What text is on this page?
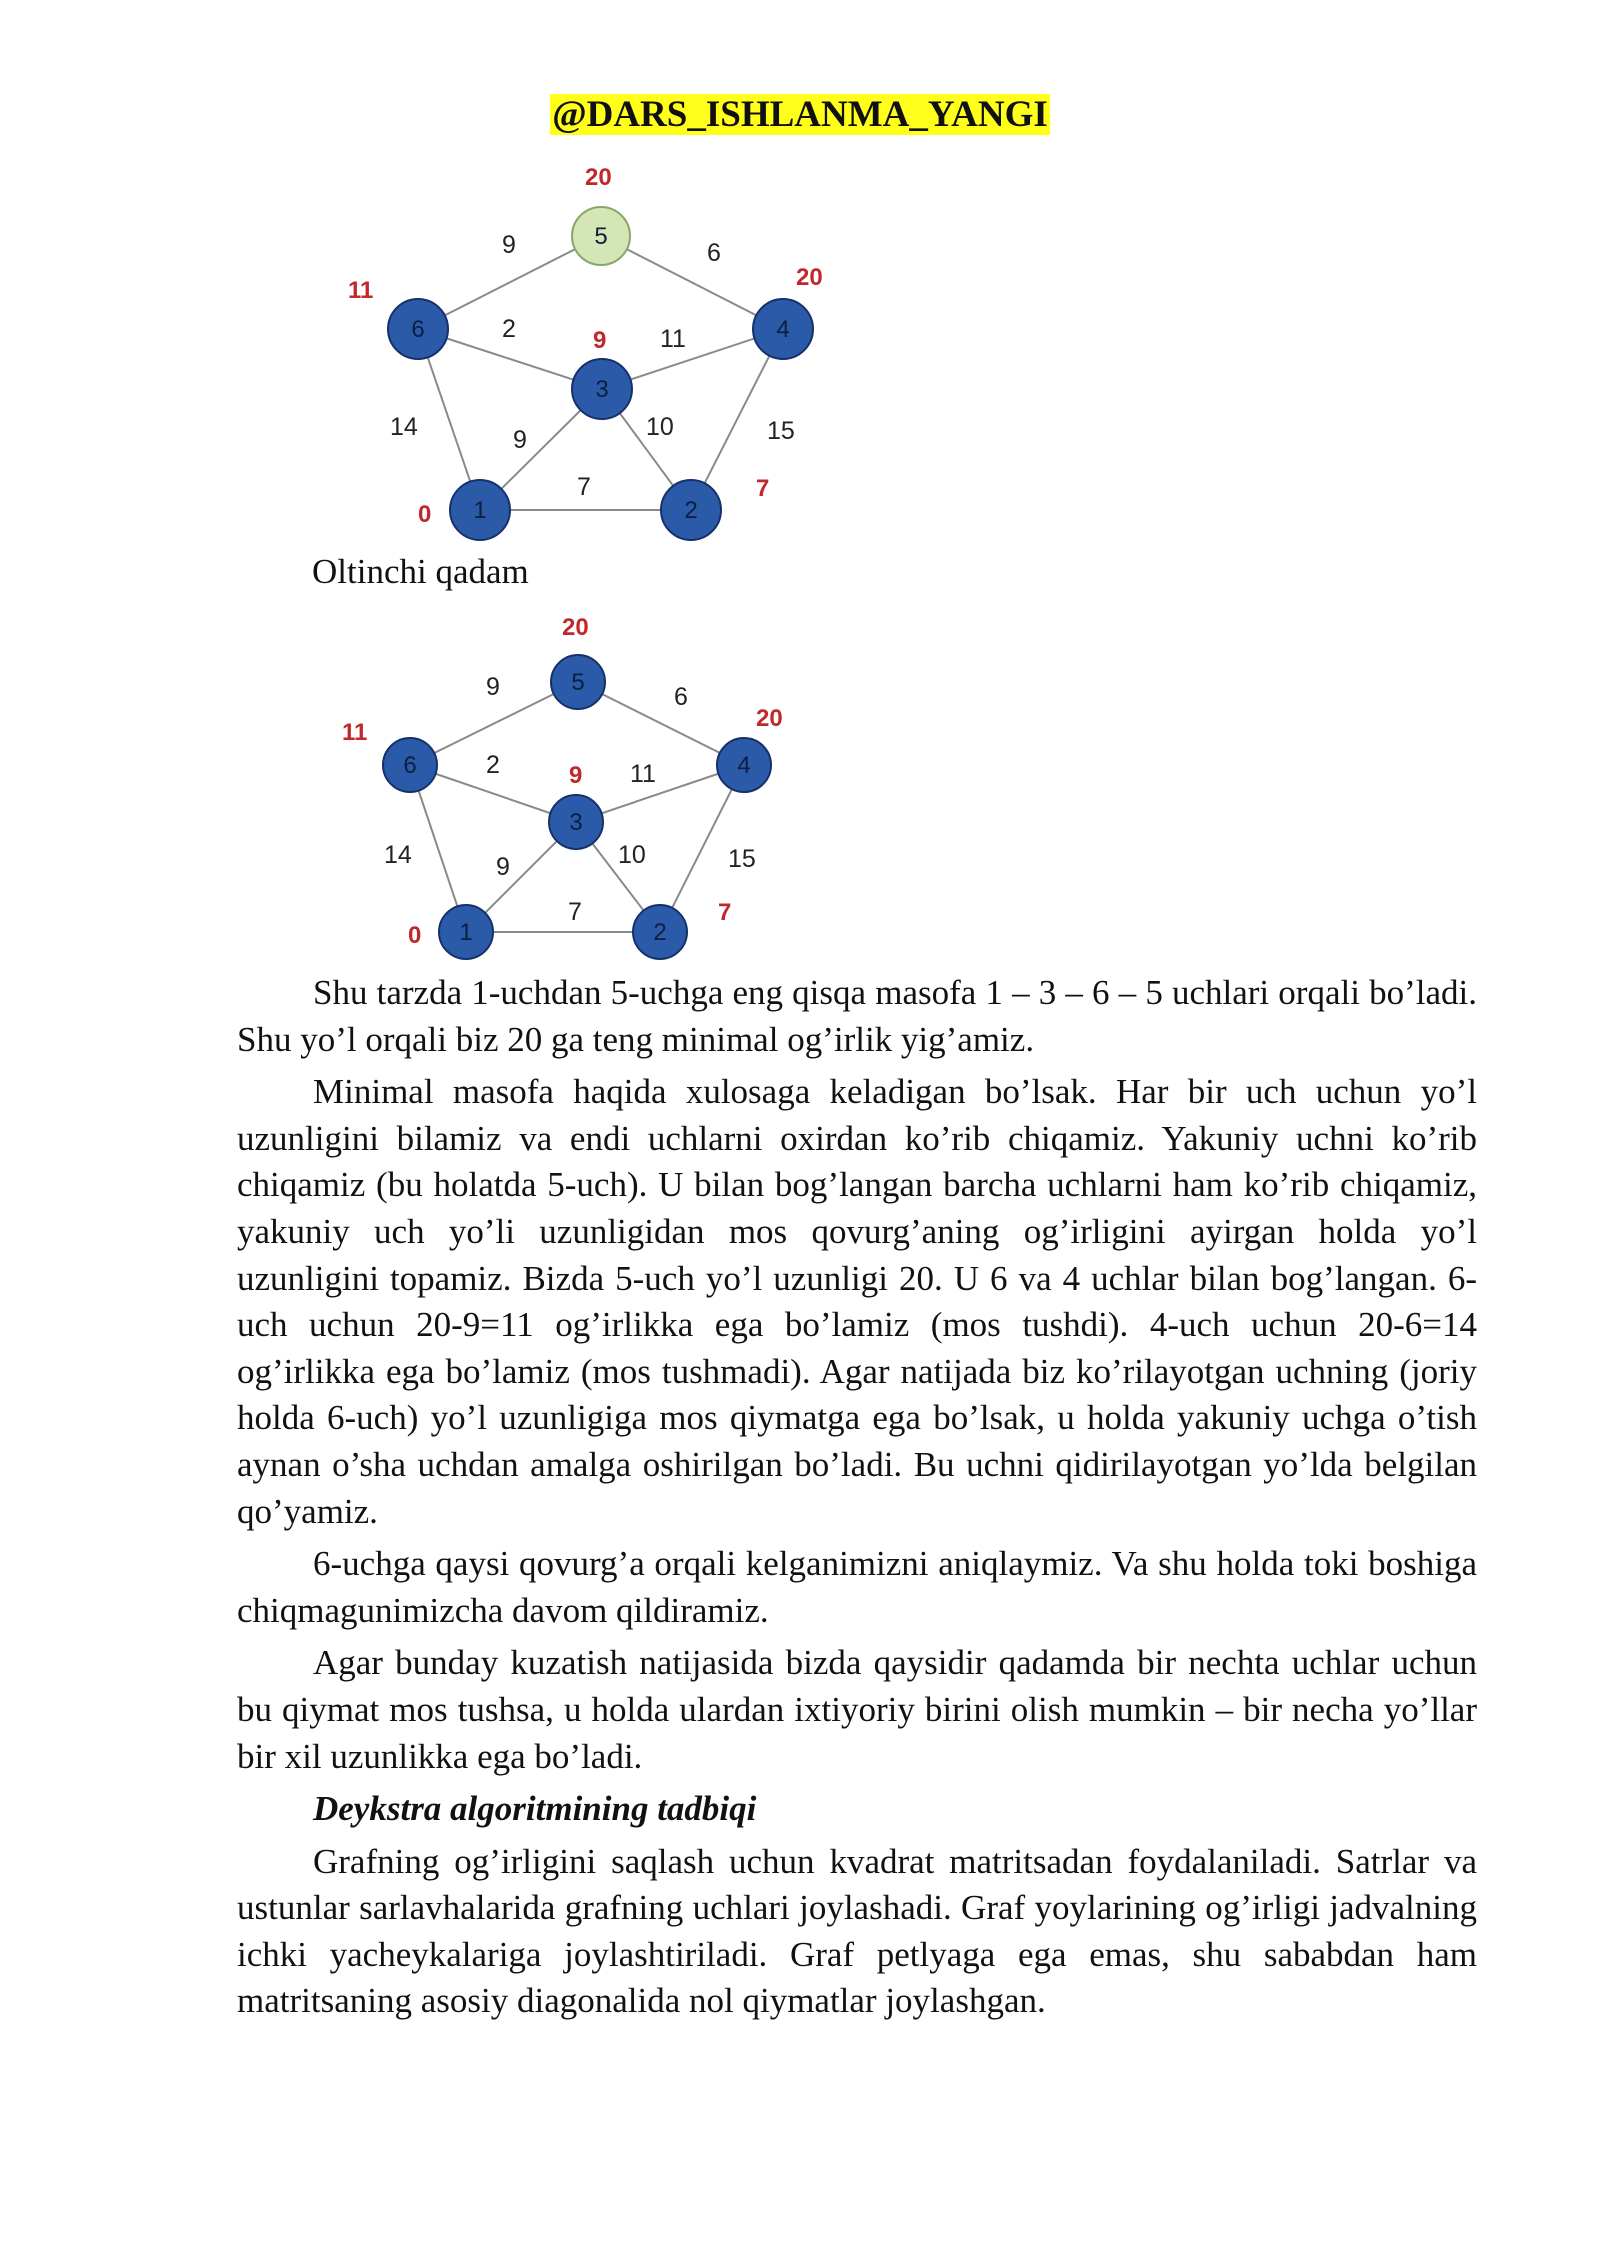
@DARS_ISHLANMA_YANGI
9	6
2	11
14	9	10	15
7
20
11	20
9
0
7
5
6	4
3
1	2
Oltinchi qadam
9	6
2	11
14	9	10	15
7
20
11
20
9
0
7
5
6	4
3
1	2

Shu tarzda 1-uchdan 5-uchga eng qisqa masofa 1 – 3 – 6 – 5 uchlari orqali bo’ladi. Shu yo’l orqali biz 20 ga teng minimal og’irlik yig’amiz.

Minimal masofa haqida xulosaga keladigan bo’lsak. Har bir uch uchun yo’l uzunligini bilamiz va endi uchlarni oxirdan ko’rib chiqamiz. Yakuniy uchni ko’rib chiqamiz (bu holatda 5-uch). U bilan bog’langan barcha uchlarni ham ko’rib chiqamiz, yakuniy uch yo’li uzunligidan mos qovurg’aning og’irligini ayirgan holda yo’l uzunligini topamiz. Bizda 5-uch yo’l uzunligi 20. U 6 va 4 uchlar bilan bog’langan. 6- uch uchun 20-9=11 og’irlikka ega bo’lamiz (mos tushdi). 4-uch uchun 20-6=14 og’irlikka ega bo’lamiz (mos tushmadi). Agar natijada biz ko’rilayotgan uchning (joriy holda 6-uch) yo’l uzunligiga mos qiymatga ega bo’lsak, u holda yakuniy uchga o’tish aynan o’sha uchdan amalga oshirilgan bo’ladi. Bu uchni qidirilayotgan yo’lda belgilan qo’yamiz.

6-uchga qaysi qovurg’a orqali kelganimizni aniqlaymiz. Va shu holda toki boshiga chiqmagunimizcha davom qildiramiz.

Agar bunday kuzatish natijasida bizda qaysidir qadamda bir nechta uchlar uchun bu qiymat mos tushsa, u holda ulardan ixtiyoriy birini olish mumkin – bir necha yo’llar bir xil uzunlikka ega bo’ladi.

Deykstra algoritmining tadbiqi

Grafning og’irligini saqlash uchun kvadrat matritsadan foydalaniladi. Satrlar va ustunlar sarlavhalarida grafning uchlari joylashadi. Graf yoylarining og’irligi jadvalning ichki yacheykalariga joylashtiriladi. Graf petlyaga ega emas, shu sababdan ham matritsaning asosiy diagonalida nol qiymatlar joylashgan.
